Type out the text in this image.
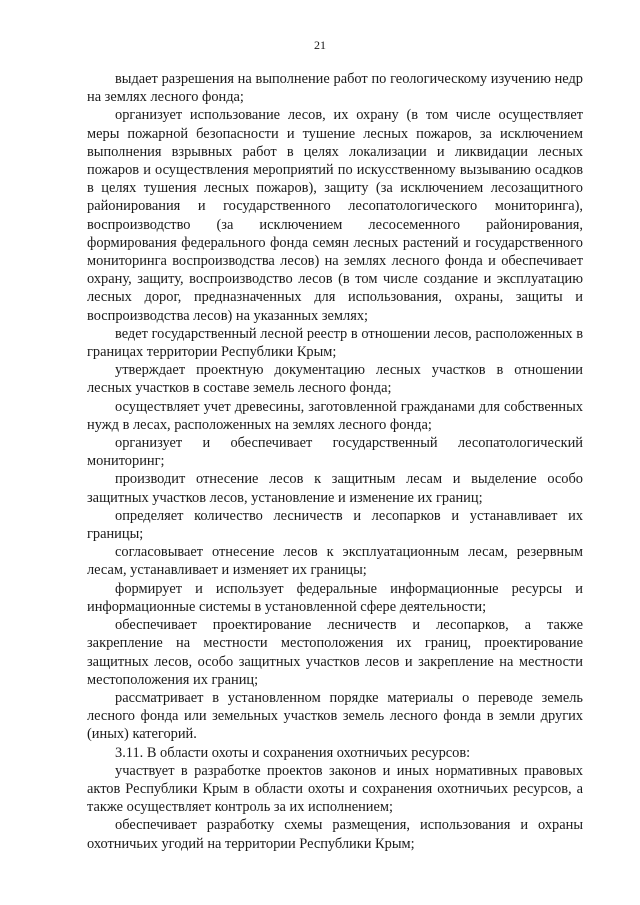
21

выдает разрешения на выполнение работ по геологическому изучению недр на землях лесного фонда;

организует использование лесов, их охрану (в том числе осуществляет меры пожарной безопасности и тушение лесных пожаров, за исключением выполнения взрывных работ в целях локализации и ликвидации лесных пожаров и осуществления мероприятий по искусственному вызыванию осадков в целях тушения лесных пожаров), защиту (за исключением лесозащитного районирования и государственного лесопатологического мониторинга), воспроизводство (за исключением лесосеменного районирования, формирования федерального фонда семян лесных растений и государственного мониторинга воспроизводства лесов) на землях лесного фонда и обеспечивает охрану, защиту, воспроизводство лесов (в том числе создание и эксплуатацию лесных дорог, предназначенных для использования, охраны, защиты и воспроизводства лесов) на указанных землях;

ведет государственный лесной реестр в отношении лесов, расположенных в границах территории Республики Крым;

утверждает проектную документацию лесных участков в отношении лесных участков в составе земель лесного фонда;

осуществляет учет древесины, заготовленной гражданами для собственных нужд в лесах, расположенных на землях лесного фонда;

организует и обеспечивает государственный лесопатологический мониторинг;

производит отнесение лесов к защитным лесам и выделение особо защитных участков лесов, установление и изменение их границ;

определяет количество лесничеств и лесопарков и устанавливает их границы;

согласовывает отнесение лесов к эксплуатационным лесам, резервным лесам, устанавливает и изменяет их границы;

формирует и использует федеральные информационные ресурсы и информационные системы в установленной сфере деятельности;

обеспечивает проектирование лесничеств и лесопарков, а также закрепление на местности местоположения их границ, проектирование защитных лесов, особо защитных участков лесов и закрепление на местности местоположения их границ;

рассматривает в установленном порядке материалы о переводе земель лесного фонда или земельных участков земель лесного фонда в земли других (иных) категорий.

3.11. В области охоты и сохранения охотничьих ресурсов:

участвует в разработке проектов законов и иных нормативных правовых актов Республики Крым в области охоты и сохранения охотничьих ресурсов, а также осуществляет контроль за их исполнением;

обеспечивает разработку схемы размещения, использования и охраны охотничьих угодий на территории Республики Крым;
